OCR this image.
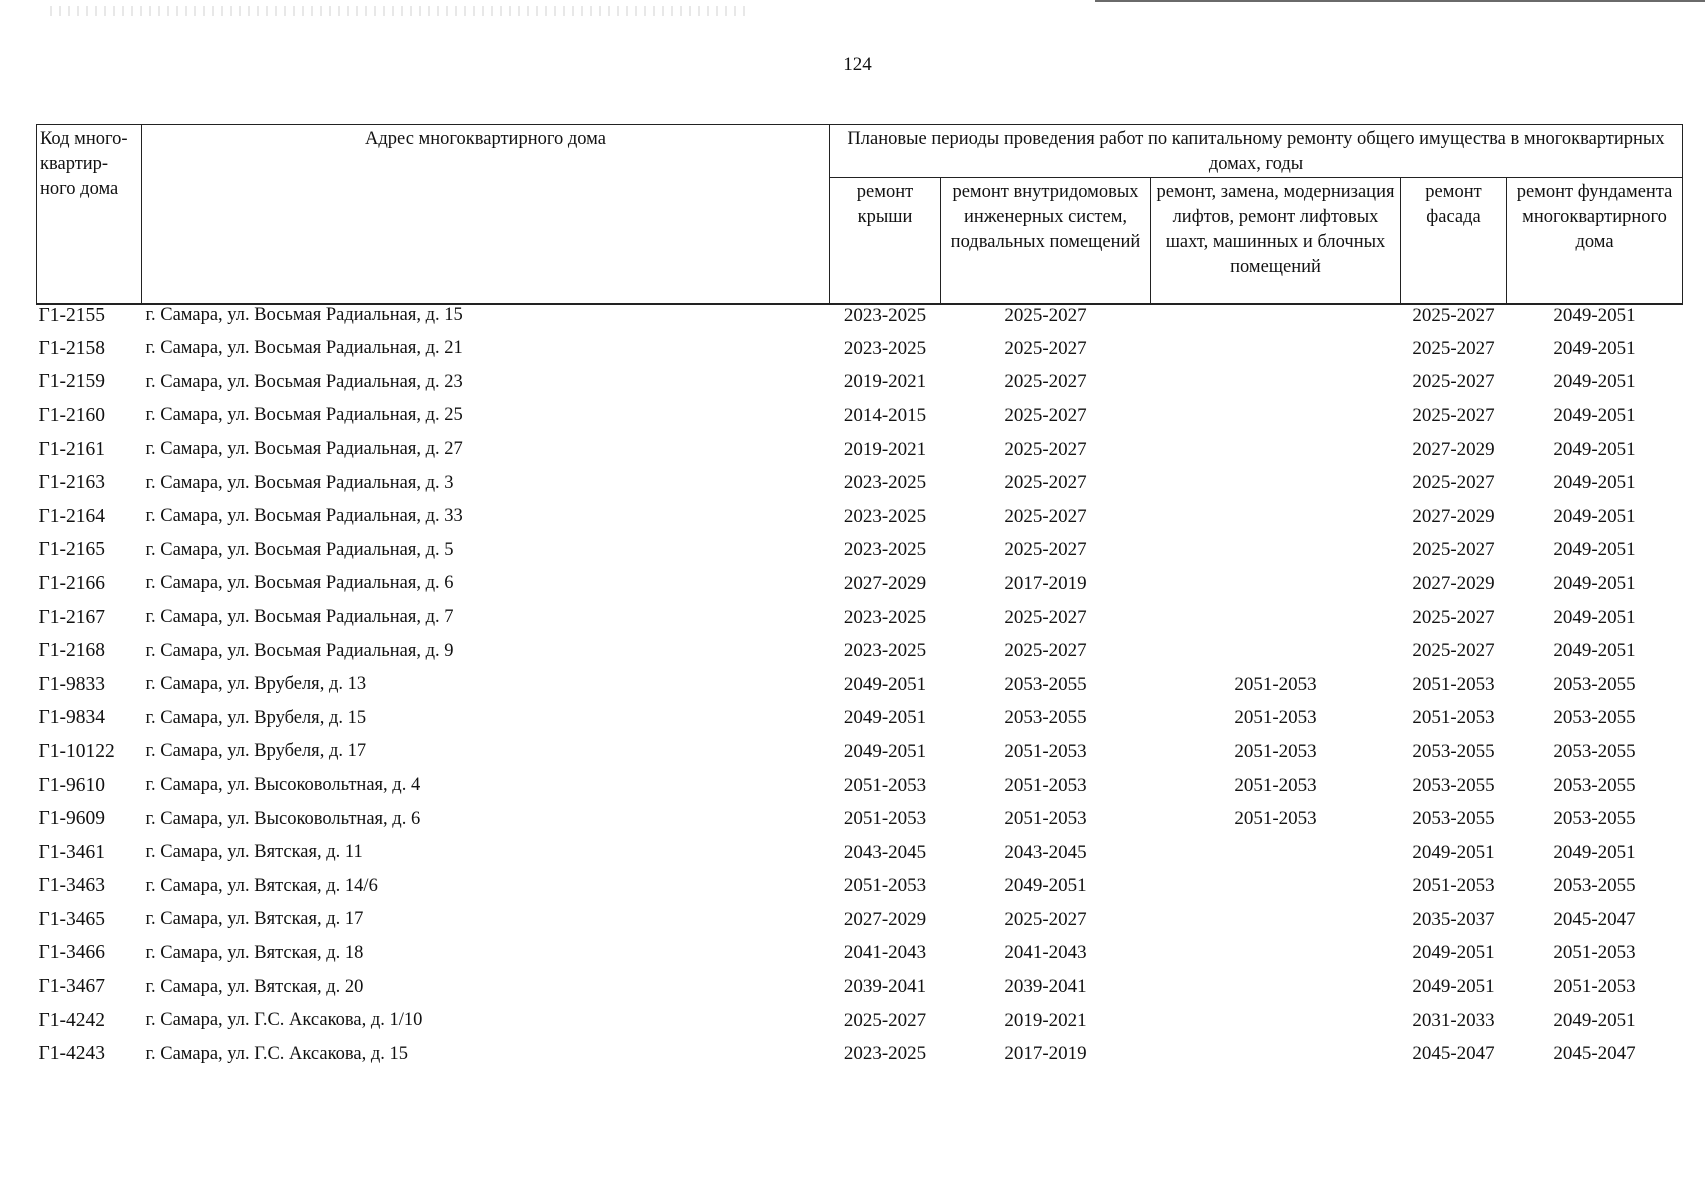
124
Код много-квартир-ного дома	Адрес многоквартирного дома	Плановые периоды проведения работ по капитальному ремонту общего имущества в многоквартирных домах, годы				
		ремонт крыши	ремонт внутридомовых инженерных систем, подвальных помещений	ремонт, замена, модернизация лифтов, ремонт лифтовых шахт, машинных и блочных помещений	ремонт фасада	ремонт фундамента многоквартирного дома
Г1-2155	г. Самара, ул. Восьмая Радиальная, д. 15	2023-2025	2025-2027		2025-2027	2049-2051
Г1-2158	г. Самара, ул. Восьмая Радиальная, д. 21	2023-2025	2025-2027		2025-2027	2049-2051
Г1-2159	г. Самара, ул. Восьмая Радиальная, д. 23	2019-2021	2025-2027		2025-2027	2049-2051
Г1-2160	г. Самара, ул. Восьмая Радиальная, д. 25	2014-2015	2025-2027		2025-2027	2049-2051
Г1-2161	г. Самара, ул. Восьмая Радиальная, д. 27	2019-2021	2025-2027		2027-2029	2049-2051
Г1-2163	г. Самара, ул. Восьмая Радиальная, д. 3	2023-2025	2025-2027		2025-2027	2049-2051
Г1-2164	г. Самара, ул. Восьмая Радиальная, д. 33	2023-2025	2025-2027		2027-2029	2049-2051
Г1-2165	г. Самара, ул. Восьмая Радиальная, д. 5	2023-2025	2025-2027		2025-2027	2049-2051
Г1-2166	г. Самара, ул. Восьмая Радиальная, д. 6	2027-2029	2017-2019		2027-2029	2049-2051
Г1-2167	г. Самара, ул. Восьмая Радиальная, д. 7	2023-2025	2025-2027		2025-2027	2049-2051
Г1-2168	г. Самара, ул. Восьмая Радиальная, д. 9	2023-2025	2025-2027		2025-2027	2049-2051
Г1-9833	г. Самара, ул. Врубеля, д. 13	2049-2051	2053-2055	2051-2053	2051-2053	2053-2055
Г1-9834	г. Самара, ул. Врубеля, д. 15	2049-2051	2053-2055	2051-2053	2051-2053	2053-2055
Г1-10122	г. Самара, ул. Врубеля, д. 17	2049-2051	2051-2053	2051-2053	2053-2055	2053-2055
Г1-9610	г. Самара, ул. Высоковольтная, д. 4	2051-2053	2051-2053	2051-2053	2053-2055	2053-2055
Г1-9609	г. Самара, ул. Высоковольтная, д. 6	2051-2053	2051-2053	2051-2053	2053-2055	2053-2055
Г1-3461	г. Самара, ул. Вятская, д. 11	2043-2045	2043-2045		2049-2051	2049-2051
Г1-3463	г. Самара, ул. Вятская, д. 14/6	2051-2053	2049-2051		2051-2053	2053-2055
Г1-3465	г. Самара, ул. Вятская, д. 17	2027-2029	2025-2027		2035-2037	2045-2047
Г1-3466	г. Самара, ул. Вятская, д. 18	2041-2043	2041-2043		2049-2051	2051-2053
Г1-3467	г. Самара, ул. Вятская, д. 20	2039-2041	2039-2041		2049-2051	2051-2053
Г1-4242	г. Самара, ул. Г.С. Аксакова, д. 1/10	2025-2027	2019-2021		2031-2033	2049-2051
Г1-4243	г. Самара, ул. Г.С. Аксакова, д. 15	2023-2025	2017-2019		2045-2047	2045-2047
